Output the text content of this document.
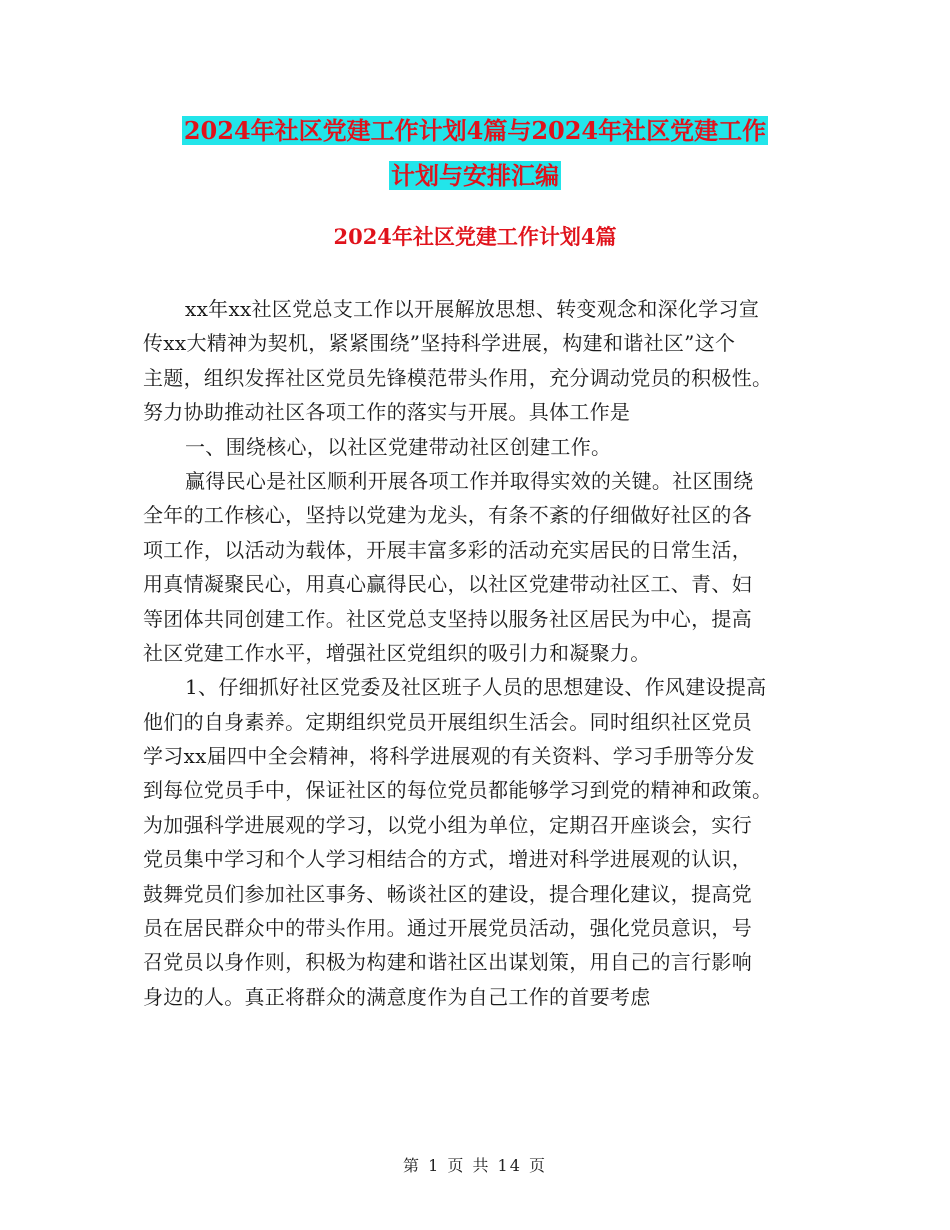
2024年社区党建工作计划4篇与2024年社区党建工作
计划与安排汇编
2024年社区党建工作计划4篇
xx年xx社区党总支工作以开展解放思想、转变观念和深化学习宣
传xx大精神为契机，紧紧围绕”坚持科学进展，构建和谐社区”这个
主题，组织发挥社区党员先锋模范带头作用，充分调动党员的积极性。
努力协助推动社区各项工作的落实与开展。具体工作是
一、围绕核心，以社区党建带动社区创建工作。
赢得民心是社区顺利开展各项工作并取得实效的关键。社区围绕
全年的工作核心，坚持以党建为龙头，有条不紊的仔细做好社区的各
项工作，以活动为载体，开展丰富多彩的活动充实居民的日常生活，
用真情凝聚民心，用真心赢得民心，以社区党建带动社区工、青、妇
等团体共同创建工作。社区党总支坚持以服务社区居民为中心，提高
社区党建工作水平，增强社区党组织的吸引力和凝聚力。
1、仔细抓好社区党委及社区班子人员的思想建设、作风建设提高
他们的自身素养。定期组织党员开展组织生活会。同时组织社区党员
学习xx届四中全会精神，将科学进展观的有关资料、学习手册等分发
到每位党员手中，保证社区的每位党员都能够学习到党的精神和政策。
为加强科学进展观的学习，以党小组为单位，定期召开座谈会，实行
党员集中学习和个人学习相结合的方式，增进对科学进展观的认识，
鼓舞党员们参加社区事务、畅谈社区的建设，提合理化建议，提高党
员在居民群众中的带头作用。通过开展党员活动，强化党员意识，号
召党员以身作则，积极为构建和谐社区出谋划策，用自己的言行影响
身边的人。真正将群众的满意度作为自己工作的首要考虑
第 1 页 共 14 页
